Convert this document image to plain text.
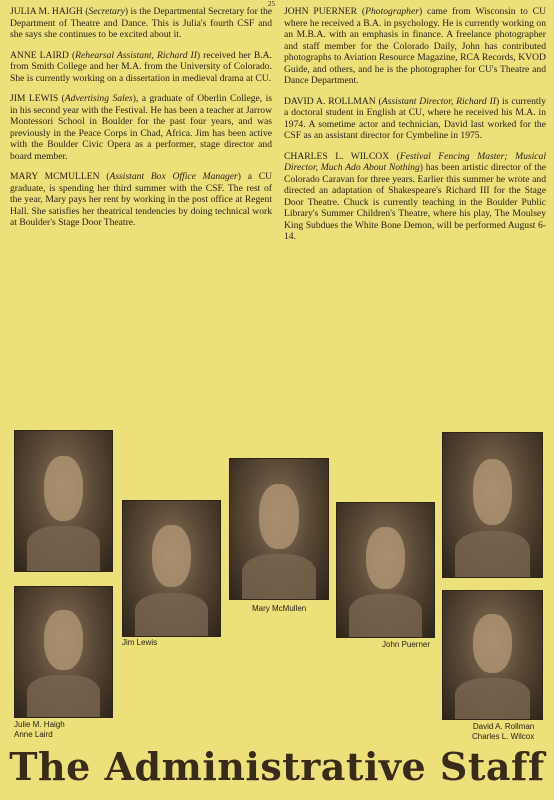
25

JULIA M. HAIGH (Secretary) is the Departmental Secretary for the Department of Theatre and Dance. This is Julia's fourth CSF and she says she continues to be excited about it.

ANNE LAIRD (Rehearsal Assistant, Richard II) received her B.A. from Smith College and her M.A. from the University of Colorado. She is currently working on a dissertation in medieval drama at CU.

JIM LEWIS (Advertising Sales), a graduate of Oberlin College, is in his second year with the Festival. He has been a teacher at Jarrow Montessori School in Boulder for the past four years, and was previously in the Peace Corps in Chad, Africa. Jim has been active with the Boulder Civic Opera as a performer, stage director and board member.

MARY MCMULLEN (Assistant Box Office Manager) a CU graduate, is spending her third summer with the CSF. The rest of the year, Mary pays her rent by working in the post office at Regent Hall. She satisfies her theatrical tendencies by doing technical work at Boulder's Stage Door Theatre.

JOHN PUERNER (Photographer) came from Wisconsin to CU where he received a B.A. in psychology. He is currently working on an M.B.A. with an emphasis in finance. A freelance photographer and staff member for the Colorado Daily, John has contributed photographs to Aviation Resource Magazine, RCA Records, KVOD Guide, and others, and he is the photographer for CU's Theatre and Dance Department.

DAVID A. ROLLMAN (Assistant Director, Richard II) is currently a doctoral student in English at CU, where he received his M.A. in 1974. A sometime actor and technician, David last worked for the CSF as an assistant director for Cymbeline in 1975.

CHARLES L. WILCOX (Festival Fencing Master; Musical Director, Much Ado About Nothing) has been artistic director of the Colorado Caravan for three years. Earlier this summer he wrote and directed an adaptation of Shakespeare's Richard III for the Stage Door Theatre. Chuck is currently teaching in the Boulder Public Library's Summer Children's Theatre, where his play, The Moulsey King Subdues the White Bone Demon, will be performed August 6-14.

Julie M. Haigh
Anne Laird
Jim Lewis
Mary McMullen
John Puerner
David A. Rollman
Charles L. Wilcox
The Administrative Staff
